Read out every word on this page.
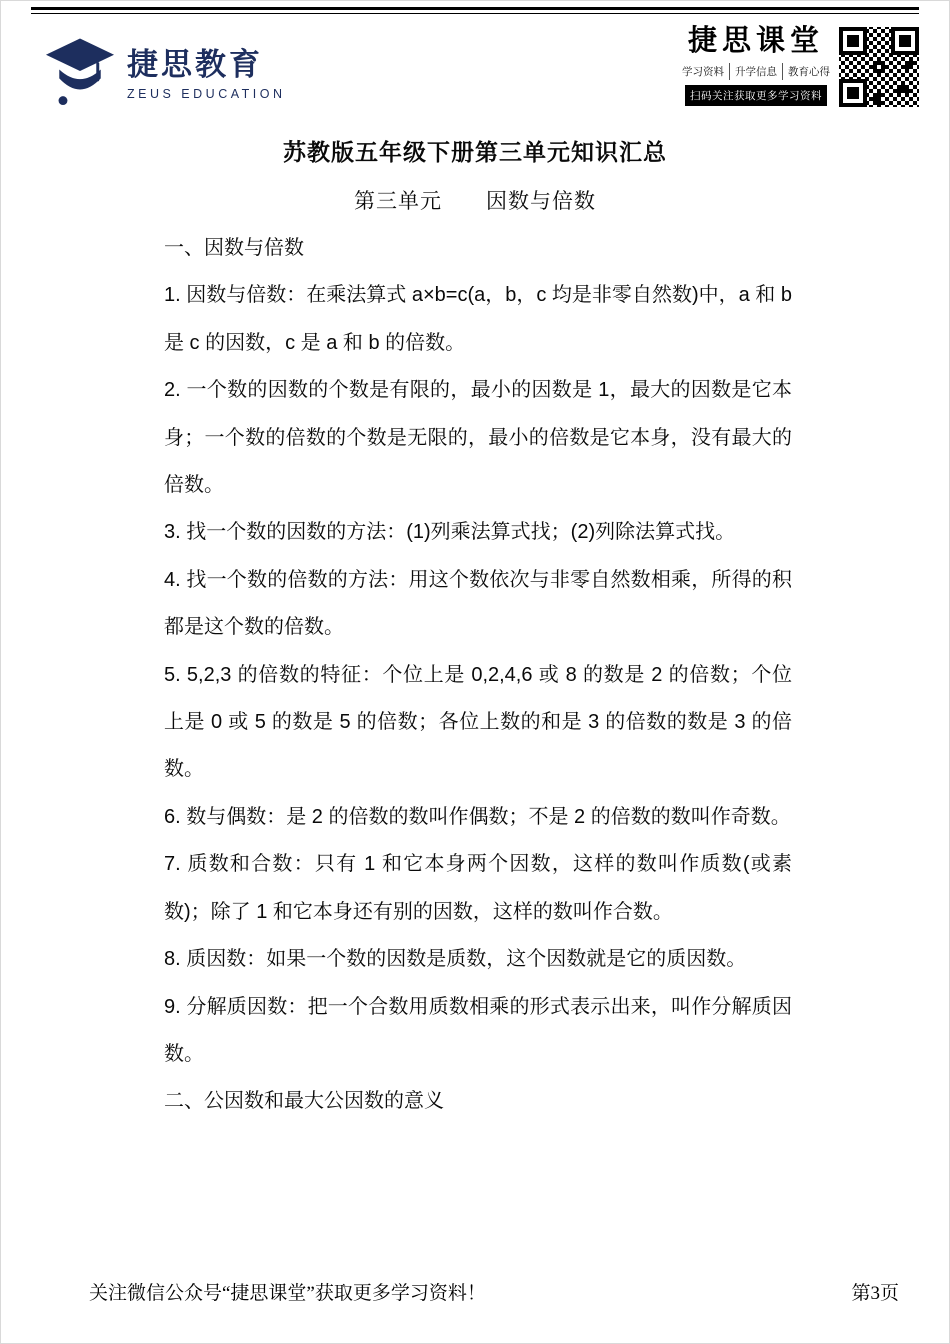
捷思教育
ZEUS EDUCATION
捷思课堂
学习资料	升学信息	教育心得
扫码关注获取更多学习资料
苏教版五年级下册第三单元知识汇总
第三单元　　因数与倍数

一、因数与倍数

1. 因数与倍数：在乘法算式 a×b=c(a，b，c 均是非零自然数)中，a 和 b 是 c 的因数，c 是 a 和 b 的倍数。

2. 一个数的因数的个数是有限的，最小的因数是 1，最大的因数是它本身；一个数的倍数的个数是无限的，最小的倍数是它本身，没有最大的倍数。

3. 找一个数的因数的方法：(1)列乘法算式找；(2)列除法算式找。

4. 找一个数的倍数的方法：用这个数依次与非零自然数相乘，所得的积都是这个数的倍数。

5. 5,2,3 的倍数的特征：个位上是 0,2,4,6 或 8 的数是 2 的倍数；个位上是 0 或 5 的数是 5 的倍数；各位上数的和是 3 的倍数的数是 3 的倍数。

6. 数与偶数：是 2 的倍数的数叫作偶数；不是 2 的倍数的数叫作奇数。

7. 质数和合数：只有 1 和它本身两个因数，这样的数叫作质数(或素数)；除了 1 和它本身还有别的因数，这样的数叫作合数。

8. 质因数：如果一个数的因数是质数，这个因数就是它的质因数。

9. 分解质因数：把一个合数用质数相乘的形式表示出来，叫作分解质因数。

二、公因数和最大公因数的意义

关注微信公众号“捷思课堂”获取更多学习资料！	第3页
